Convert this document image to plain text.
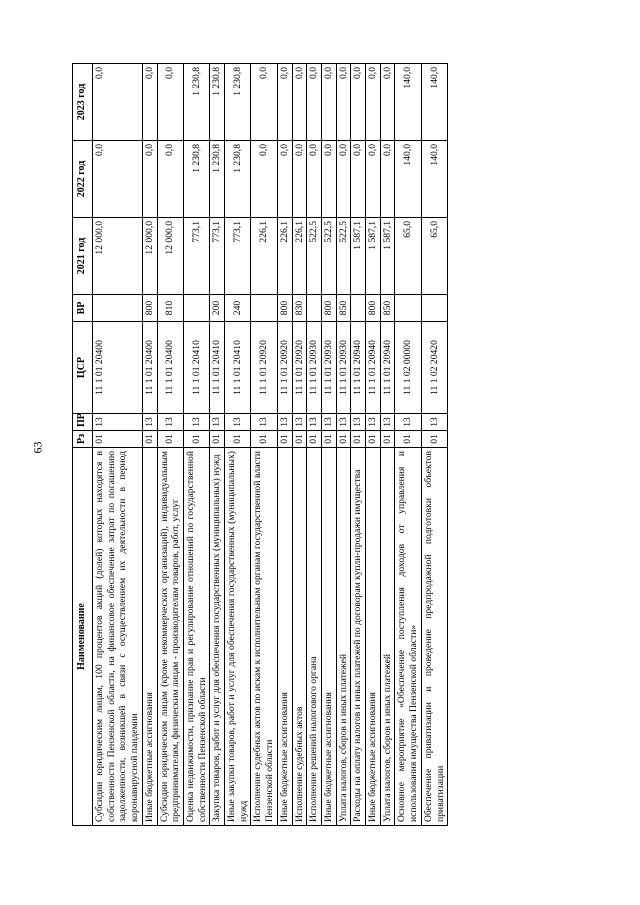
63
Наименование	Рз	ПР	ЦСР	ВР	2021 год	2022 год	2023 год
Субсидии юридическим лицам, 100 процентов акций (долей) которых находятся в собственности Пензенской области, на финансовое обеспечение затрат по погашению задолженности, возникшей в связи с осуществлением их деятельности в период коронавирусной пандемии	01	13	11 1 01 20400		12 000,0	0,0	0,0
Иные бюджетные ассигнования	01	13	11 1 01 20400	800	12 000,0	0,0	0,0
Субсидии юридическим лицам (кроме некоммерческих организаций), индивидуальным предпринимателям, физическим лицам - производителям товаров, работ, услуг	01	13	11 1 01 20400	810	12 000,0	0,0	0,0
Оценка недвижимости, признание прав и регулирование отношений по государственной собственности Пензенской области	01	13	11 1 01 20410		773,1	1 230,8	1 230,8
Закупка товаров, работ и услуг для обеспечения государственных (муниципальных) нужд	01	13	11 1 01 20410	200	773,1	1 230,8	1 230,8
Иные закупки товаров, работ и услуг для обеспечения государственных (муниципальных) нужд	01	13	11 1 01 20410	240	773,1	1 230,8	1 230,8
Исполнение судебных актов по искам к исполнительным органам государственной власти Пензенской области	01	13	11 1 01 20920		226,1	0,0	0,0
Иные бюджетные ассигнования	01	13	11 1 01 20920	800	226,1	0,0	0,0
Исполнение судебных актов	01	13	11 1 01 20920	830	226,1	0,0	0,0
Исполнение решений налогового органа	01	13	11 1 01 20930		522,5	0,0	0,0
Иные бюджетные ассигнования	01	13	11 1 01 20930	800	522,5	0,0	0,0
Уплата налогов, сборов и иных платежей	01	13	11 1 01 20930	850	522,5	0,0	0,0
Расходы на оплату налогов и иных платежей по договорам купли-продажи имущества	01	13	11 1 01 20940		1 587,1	0,0	0,0
Иные бюджетные ассигнования	01	13	11 1 01 20940	800	1 587,1	0,0	0,0
Уплата налогов, сборов и иных платежей	01	13	11 1 01 20940	850	1 587,1	0,0	0,0
Основное мероприятие «Обеспечение поступления доходов от управления и использования имущества Пензенской области»	01	13	11 1 02 00000		65,0	140,0	140,0
Обеспечение приватизации и проведение предпродажной подготовки объектов приватизации	01	13	11 1 02 20420		65,0	140,0	140,0
